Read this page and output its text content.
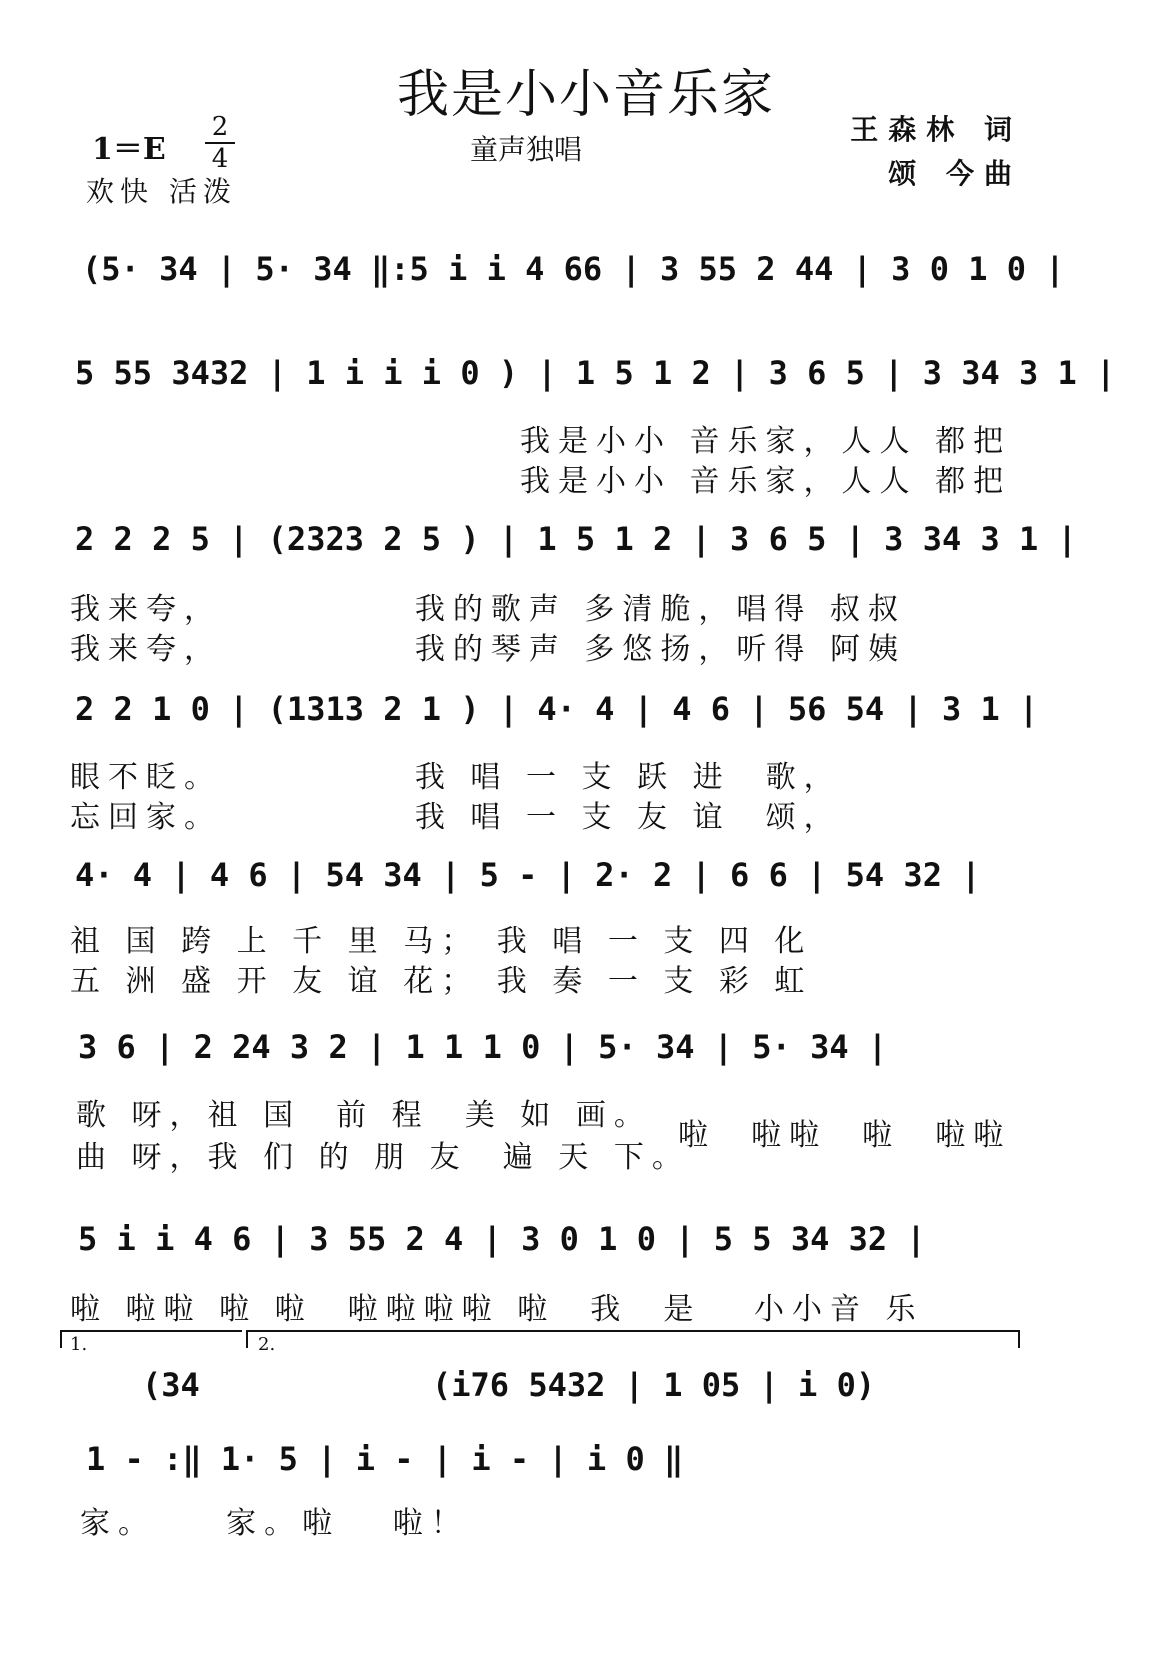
我是小小音乐家
1＝E
2
4
欢快 活泼
童声独唱
王森林 词
颂 今曲

(5· 34 | 5· 34 ‖:5 i i 4 66 | 3 55 2 44 | 3 0 1 0 |

5 55 3432 | 1 i i i 0 ) | 1 5 1 2 | 3 6 5 | 3 34 3 1 |

我是小小 音乐家，人人 都把
我是小小 音乐家，人人 都把

2 2 2 5 | (2323 2 5 ) | 1 5 1 2 | 3 6 5 | 3 34 3 1 |

我来夸，           我的歌声 多清脆，唱得 叔叔
我来夸，           我的琴声 多悠扬，听得 阿姨

2 2 1 0 | (1313 2 1 ) | 4· 4 | 4 6 | 56 54 | 3 1 |

眼不眨。           我 唱 一 支 跃 进  歌，
忘回家。           我 唱 一 支 友 谊  颂，

4· 4 | 4 6 | 54 34 | 5 - | 2· 2 | 6 6 | 54 32 |

祖 国 跨 上 千 里 马； 我 唱 一 支 四 化
五 洲 盛 开 友 谊 花； 我 奏 一 支 彩 虹

3 6 | 2 24 3 2 | 1 1 1 0 | 5· 34 | 5· 34 |

歌 呀，祖 国  前 程  美 如 画。
曲 呀，我 们 的 朋 友  遍 天 下。
啦  啦啦  啦  啦啦

5 i i 4 6 | 3 55 2 4 | 3 0 1 0 | 5 5 34 32 |

啦 啦啦 啦 啦  啦啦啦啦 啦  我  是   小小音 乐
1.	2.

(34

	(i76 5432 | 1 05 | i 0)

1 - :‖ 1· 5 | i - | i - | i 0 ‖

家。    家。啦   啦！
